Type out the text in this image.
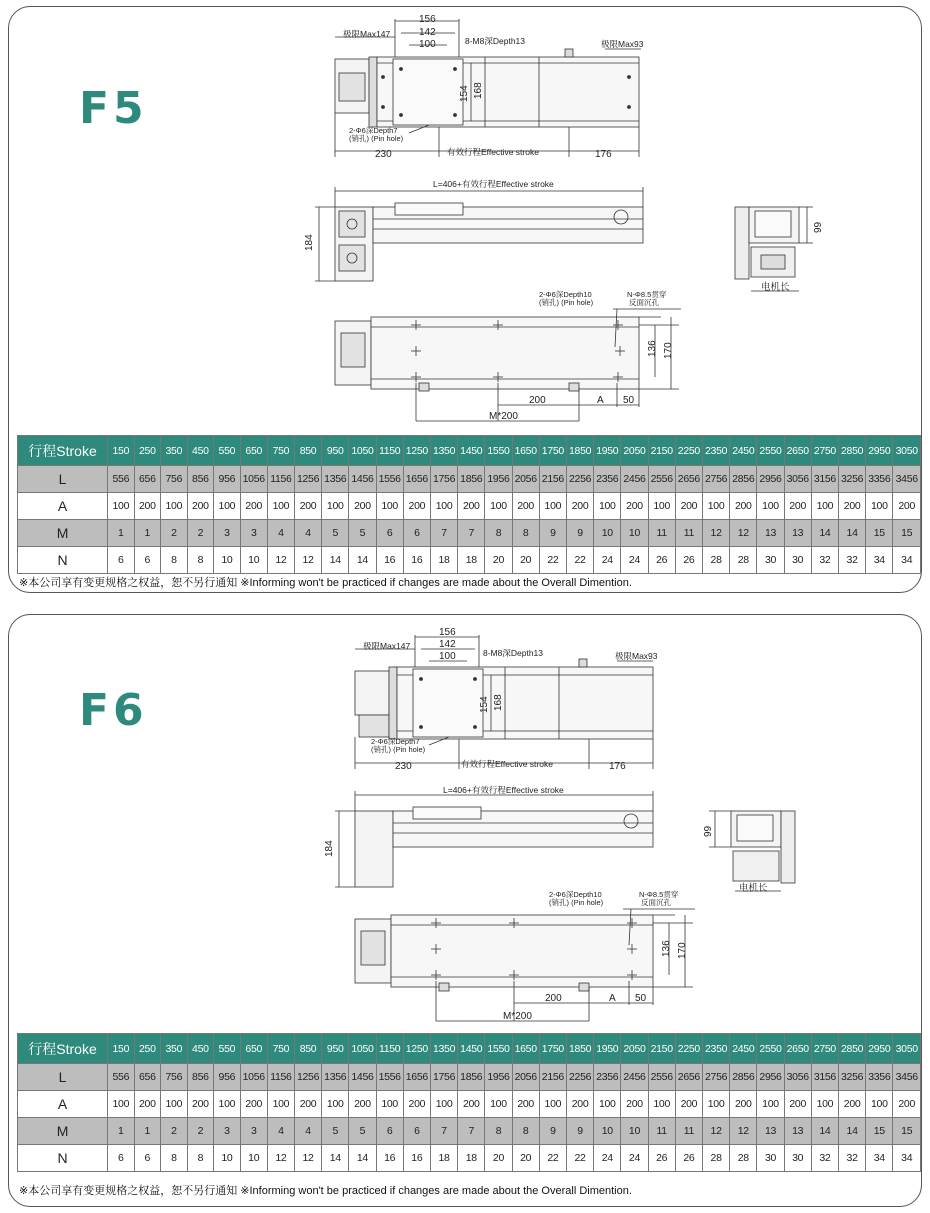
F5
极限Max147
156
142
100	8-M8深Depth13	极限Max93
154 168
2-Φ6深Depth7
(销孔) (Pin hole)
230	有效行程Effective stroke	176
L=406+有效行程Effective stroke
184
99
电机长
2-Φ6深Depth10
(销孔) (Pin hole)
N-Φ8.5贯穿
反面沉孔
136 170
200	A 50
M*200
行程Stroke	150	250	350	450	550	650	750	850	950	1050	1150	1250	1350	1450	1550	1650	1750	1850	1950	2050	2150	2250	2350	2450	2550	2650	2750	2850	2950	3050
L	556	656	756	856	956	1056	1156	1256	1356	1456	1556	1656	1756	1856	1956	2056	2156	2256	2356	2456	2556	2656	2756	2856	2956	3056	3156	3256	3356	3456
A	100	200	100	200	100	200	100	200	100	200	100	200	100	200	100	200	100	200	100	200	100	200	100	200	100	200	100	200	100	200
M	1	1	2	2	3	3	4	4	5	5	6	6	7	7	8	8	9	9	10	10	11	11	12	12	13	13	14	14	15	15
N	6	6	8	8	10	10	12	12	14	14	16	16	18	18	20	20	22	22	24	24	26	26	28	28	30	30	32	32	34	34
※本公司享有变更规格之权益，恕不另行通知 ※Informing won't be practiced if changes are made about the Overall Dimention.
F6
极限Max147
156
142
100	8-M8深Depth13	极限Max93
154 168
2-Φ6深Depth7
(销孔) (Pin hole)
230	有效行程Effective stroke	176
L=406+有效行程Effective stroke
184
99
电机长
2-Φ6深Depth10
(销孔) (Pin hole)
N-Φ8.5贯穿
反面沉孔
136 170
200	A 50
M*200
行程Stroke	150	250	350	450	550	650	750	850	950	1050	1150	1250	1350	1450	1550	1650	1750	1850	1950	2050	2150	2250	2350	2450	2550	2650	2750	2850	2950	3050
L	556	656	756	856	956	1056	1156	1256	1356	1456	1556	1656	1756	1856	1956	2056	2156	2256	2356	2456	2556	2656	2756	2856	2956	3056	3156	3256	3356	3456
A	100	200	100	200	100	200	100	200	100	200	100	200	100	200	100	200	100	200	100	200	100	200	100	200	100	200	100	200	100	200
M	1	1	2	2	3	3	4	4	5	5	6	6	7	7	8	8	9	9	10	10	11	11	12	12	13	13	14	14	15	15
N	6	6	8	8	10	10	12	12	14	14	16	16	18	18	20	20	22	22	24	24	26	26	28	28	30	30	32	32	34	34
※本公司享有变更规格之权益，恕不另行通知 ※Informing won't be practiced if changes are made about the Overall Dimention.
